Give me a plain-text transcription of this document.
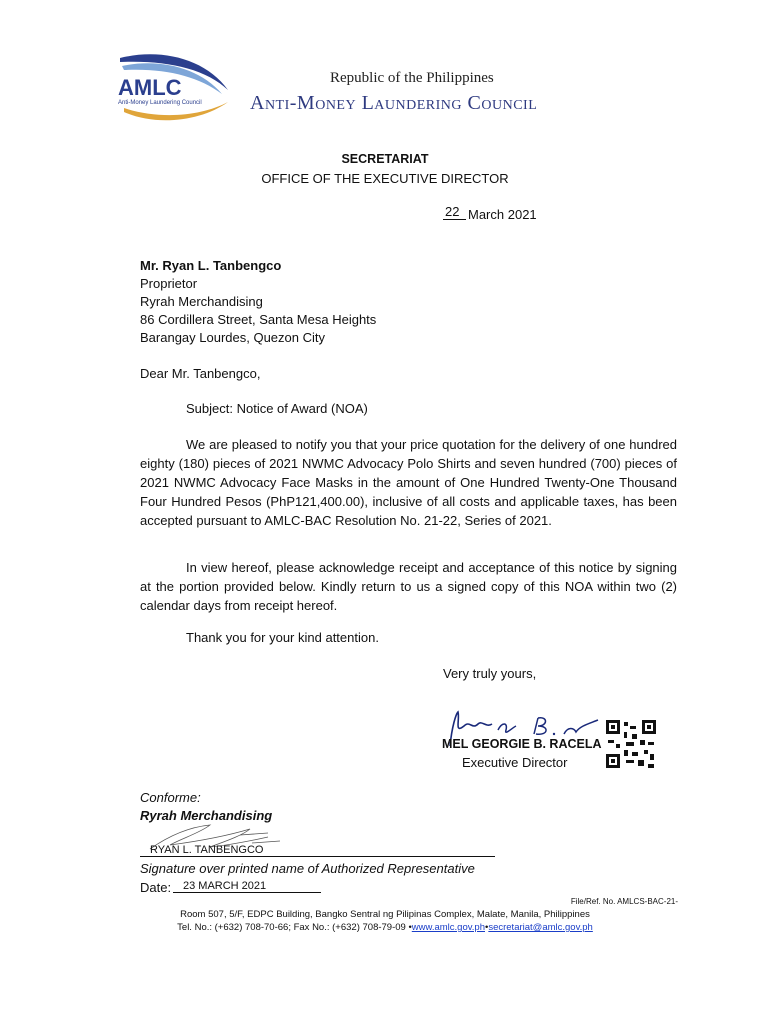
AMLC
Anti-Money Laundering Council
Republic of the Philippines
Anti-Money Laundering Council
SECRETARIAT
OFFICE OF THE EXECUTIVE DIRECTOR
22 March 2021
Mr. Ryan L. Tanbengco
Proprietor
Ryrah Merchandising
86 Cordillera Street, Santa Mesa Heights
Barangay Lourdes, Quezon City
Dear Mr. Tanbengco,
Subject: Notice of Award (NOA)
We are pleased to notify you that your price quotation for the delivery of one hundred eighty (180) pieces of 2021 NWMC Advocacy Polo Shirts and seven hundred (700) pieces of 2021 NWMC Advocacy Face Masks in the amount of One Hundred Twenty-One Thousand Four Hundred Pesos (PhP121,400.00), inclusive of all costs and applicable taxes, has been accepted pursuant to AMLC-BAC Resolution No. 21-22, Series of 2021.
In view hereof, please acknowledge receipt and acceptance of this notice by signing at the portion provided below. Kindly return to us a signed copy of this NOA within two (2) calendar days from receipt hereof.
Thank you for your kind attention.
Very truly yours,
MEL GEORGIE B. RACELA
Executive Director
Conforme:
Ryrah Merchandising
RYAN L. TANBENGCO
Signature over printed name of Authorized Representative
Date:	23 MARCH 2021
File/Ref. No. AMLCS-BAC-21-
Room 507, 5/F, EDPC Building, Bangko Sentral ng Pilipinas Complex, Malate, Manila, Philippines
Tel. No.: (+632) 708-70-66; Fax No.: (+632) 708-79-09 •www.amlc.gov.ph•secretariat@amlc.gov.ph
